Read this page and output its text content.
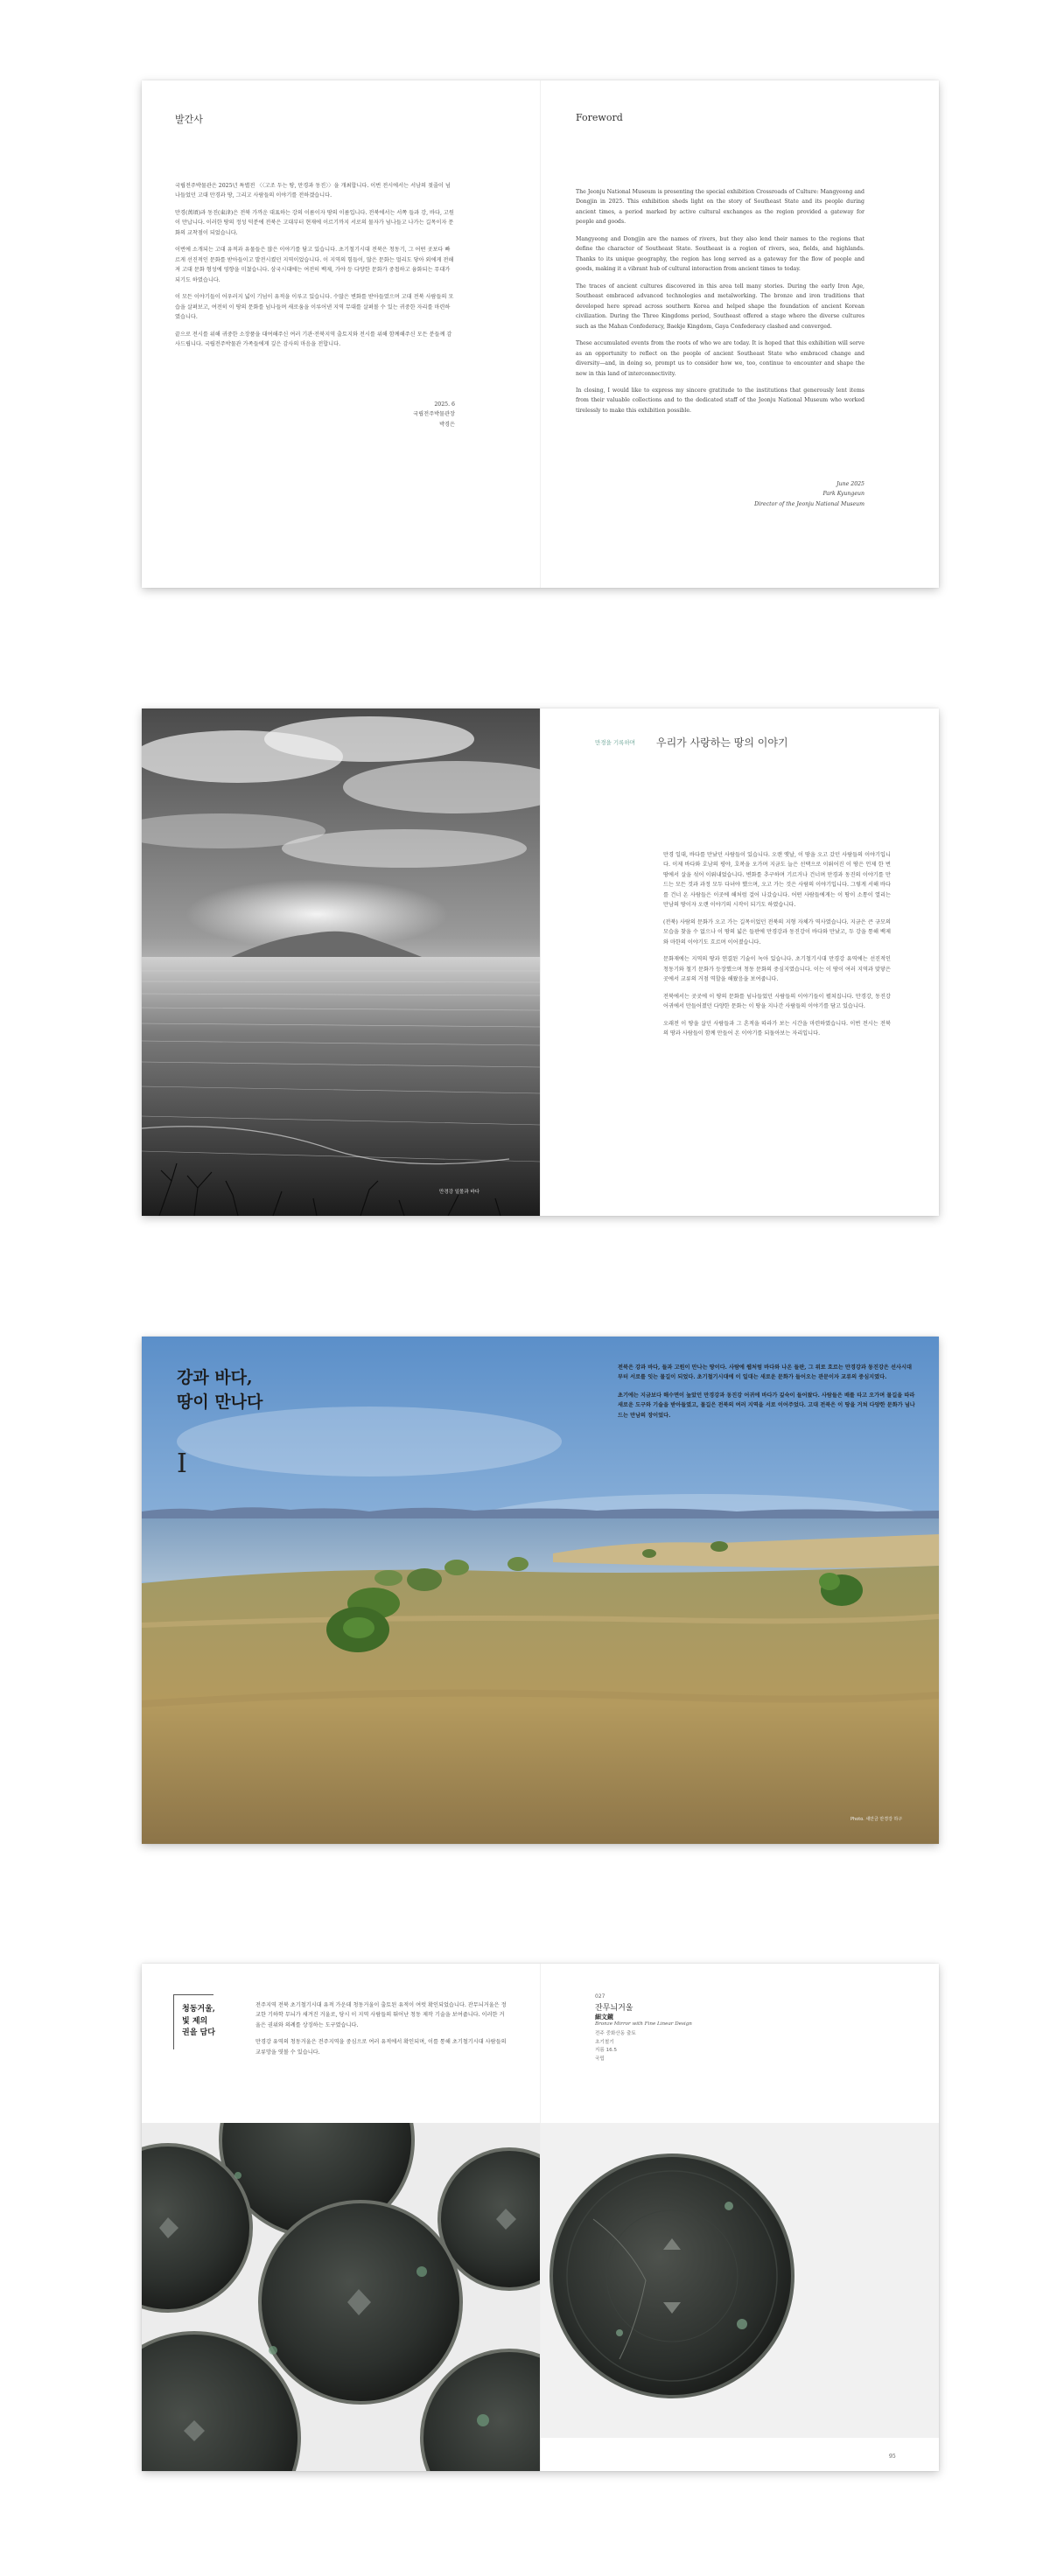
발간사

국립전주박물관은 2025년 특별전 〈〈고조 두는 땅, 만경과 동진〉〉을 개최합니다. 이번 전시에서는 서남의 젖줄이 넘나들었던 고대 만경과 땅, 그리고 사람들의 이야기를 전하겠습니다.

만경(萬頃)과 동진(東津)은 전북 가까운 대표하는 강의 이름이자 땅의 이름입니다. 전북에서는 서쪽 들과 강, 바다, 고원이 만납니다. 이러한 땅의 정성 덕분에 전북은 고대부터 현재에 이르기까지 서로의 물자가 넘나들고 나가는 길목이자 문화의 교착점이 되었습니다.

이번에 소개되는 고대 유적과 유물들은 많은 이야기를 담고 있습니다. 초기철기시대 전북은 청동기, 그 어떤 곳보다 빠르게 선진적인 문화를 받아들이고 발전시켰던 지역이었습니다. 이 지역의 힘들이, 많은 문화는 멀리도 닿아 외에게 전해져 고대 문화 형성에 영향을 미쳤습니다. 삼국시대에는 여전히 백제, 가야 등 다양한 문화가 중첩하고 융화되는 무대가 되기도 하였습니다.

이 모든 이야기들이 어우러지 넓이 기넘이 유적을 이루고 있습니다. 수많은 변화를 받아들였으며 고대 전북 사람들의 모습을 살펴보고, 여전히 이 땅의 문화를 넘나들며 새로움을 이루어낸 지역 무대를 살펴볼 수 있는 귀중한 자리를 마련하였습니다.

끝으로 전시를 위해 귀중한 소장품을 대여해주신 여러 기관·전북지역 출토지와 전시를 위해 함께해주신 모든 분들께 감사드립니다. 국립전주박물관 가족들에게 깊은 감사의 마음을 전합니다.

2025. 6
국립전주박물관장
박경은
Foreword

The Jeonju National Museum is presenting the special exhibition Crossroads of Culture: Mangyeong and Dongjin in 2025. This exhibition sheds light on the story of Southeast State and its people during ancient times, a period marked by active cultural exchanges as the region provided a gateway for people and goods.

Mangyeong and Dongjin are the names of rivers, but they also lend their names to the regions that define the character of Southeast State. Southeast is a region of rivers, sea, fields, and highlands. Thanks to its unique geography, the region has long served as a gateway for the flow of people and goods, making it a vibrant hub of cultural interaction from ancient times to today.

The traces of ancient cultures discovered in this area tell many stories. During the early Iron Age, Southeast embraced advanced technologies and metalworking. The bronze and iron traditions that developed here spread across southern Korea and helped shape the foundation of ancient Korean civilization. During the Three Kingdoms period, Southeast offered a stage where the diverse cultures such as the Mahan Confederacy, Baekje Kingdom, Gaya Confederacy clashed and converged.

These accumulated events from the roots of who we are today. It is hoped that this exhibition will serve as an opportunity to reflect on the people of ancient Southeast State who embraced change and diversity—and, in doing so, prompt us to consider how we, too, continue to encounter and shape the new in this land of interconnectivity.

In closing, I would like to express my sincere gratitude to the institutions that generously lent items from their valuable collections and to the dedicated staff of the Jeonju National Museum who worked tirelessly to make this exhibition possible.

June 2025
Park Kyungeun
Director of the Jeonju National Museum
만경강 일몰과 바다
만경을 기록하며 우리가 사랑하는 땅의 이야기

만경 일대, 바다를 만났던 사람들이 있습니다. 오랜 옛날, 이 땅을 오고 갔던 사람들의 이야기입니다. 이제 바다와 호남의 평야, 호복을 오가며 지금도 늘은 선택으로 이뤄어진 이 땅은 언제 한 번 땅에서 살을 섞어 이뤄내었습니다. 변화를 추구하며 기르거나 건너며 만경과 동진의 이야기를 만드는 모든 것과 과정 모두 다녀야 했으며, 오고 가는 것은 사람의 이야기입니다. 그렇게 서해 바다를 건너 온 사람들은 이곳에 해처럼 걸어 나갔습니다. 어떤 사람들에게는 이 땅이 소통이 열리는 만남의 땅이자 오랜 이야기의 시작이 되기도 하였습니다.

(전북) 사람의 문화가 오고 가는 길목이었던 전북의 지형 자체가 역사였습니다. 지금은 큰 규모의 모습을 찾을 수 없으나 이 땅의 넓은 들판에 만경강과 동진강이 바다와 만났고, 두 강을 통해 백제와 마한의 이야기도 흐르며 이어졌습니다.

문화재에는 지역의 땅과 연결된 기술이 녹아 있습니다. 초기철기시대 만경강 유역에는 선진적인 청동기와 철기 문화가 등장했으며 청동 문화의 중심지였습니다. 이는 이 땅이 여러 지역과 맞닿은 곳에서 교류의 거점 역할을 해왔음을 보여줍니다.

전북에서는 곳곳에 이 땅의 문화를 넘나들었던 사람들의 이야기들이 펼쳐집니다. 만경강, 동진강 어귀에서 만들어졌던 다양한 문화는 이 땅을 지나간 사람들의 이야기를 담고 있습니다.

오래전 이 땅을 살던 사람들과 그 흔적을 따라가 보는 시간을 마련하였습니다. 이번 전시는 전북의 땅과 사람들이 함께 만들어 온 이야기를 되돌아보는 자리입니다.

강과 바다,
땅이 만나다
I

전북은 강과 바다, 들과 고원이 만나는 땅이다. 사람에 웹처럼 바다와 나온 들판, 그 위로 흐르는 만경강과 동진강은 선사시대부터 서로를 잇는 물길이 되었다. 초기철기시대에 이 일대는 새로운 문화가 들어오는 관문이자 교류의 중심지였다.

초기에는 지금보다 해수면이 높았던 만경강과 동진강 어귀에 바다가 깊숙이 들어왔다. 사람들은 배를 타고 오가며 물길을 따라 새로운 도구와 기술을 받아들였고, 물길은 전북의 여러 지역을 서로 이어주었다. 고대 전북은 이 땅을 거쳐 다양한 문화가 넘나드는 만남의 장이었다.

Photo. 새만금 만경강 하구
청동거울,
빛 제의
권을 담다

전주지역 전북 초기철기시대 유적 가운데 청동거울이 출토된 유적이 여럿 확인되었습니다. 잔무늬거울은 정교한 기하학 무늬가 새겨진 거울로, 당시 이 지역 사람들의 뛰어난 청동 제작 기술을 보여줍니다. 이러한 거울은 권위와 의례를 상징하는 도구였습니다.

만경강 유역의 청동거울은 전주지역을 중심으로 여러 유적에서 확인되며, 이를 통해 초기철기시대 사람들의 교류망을 엿볼 수 있습니다.

027
잔무늬거울
細文鏡
Bronze Mirror with Fine Linear Design
전주 중화산동 출토
초기철기
지름 16.5
국립
95
